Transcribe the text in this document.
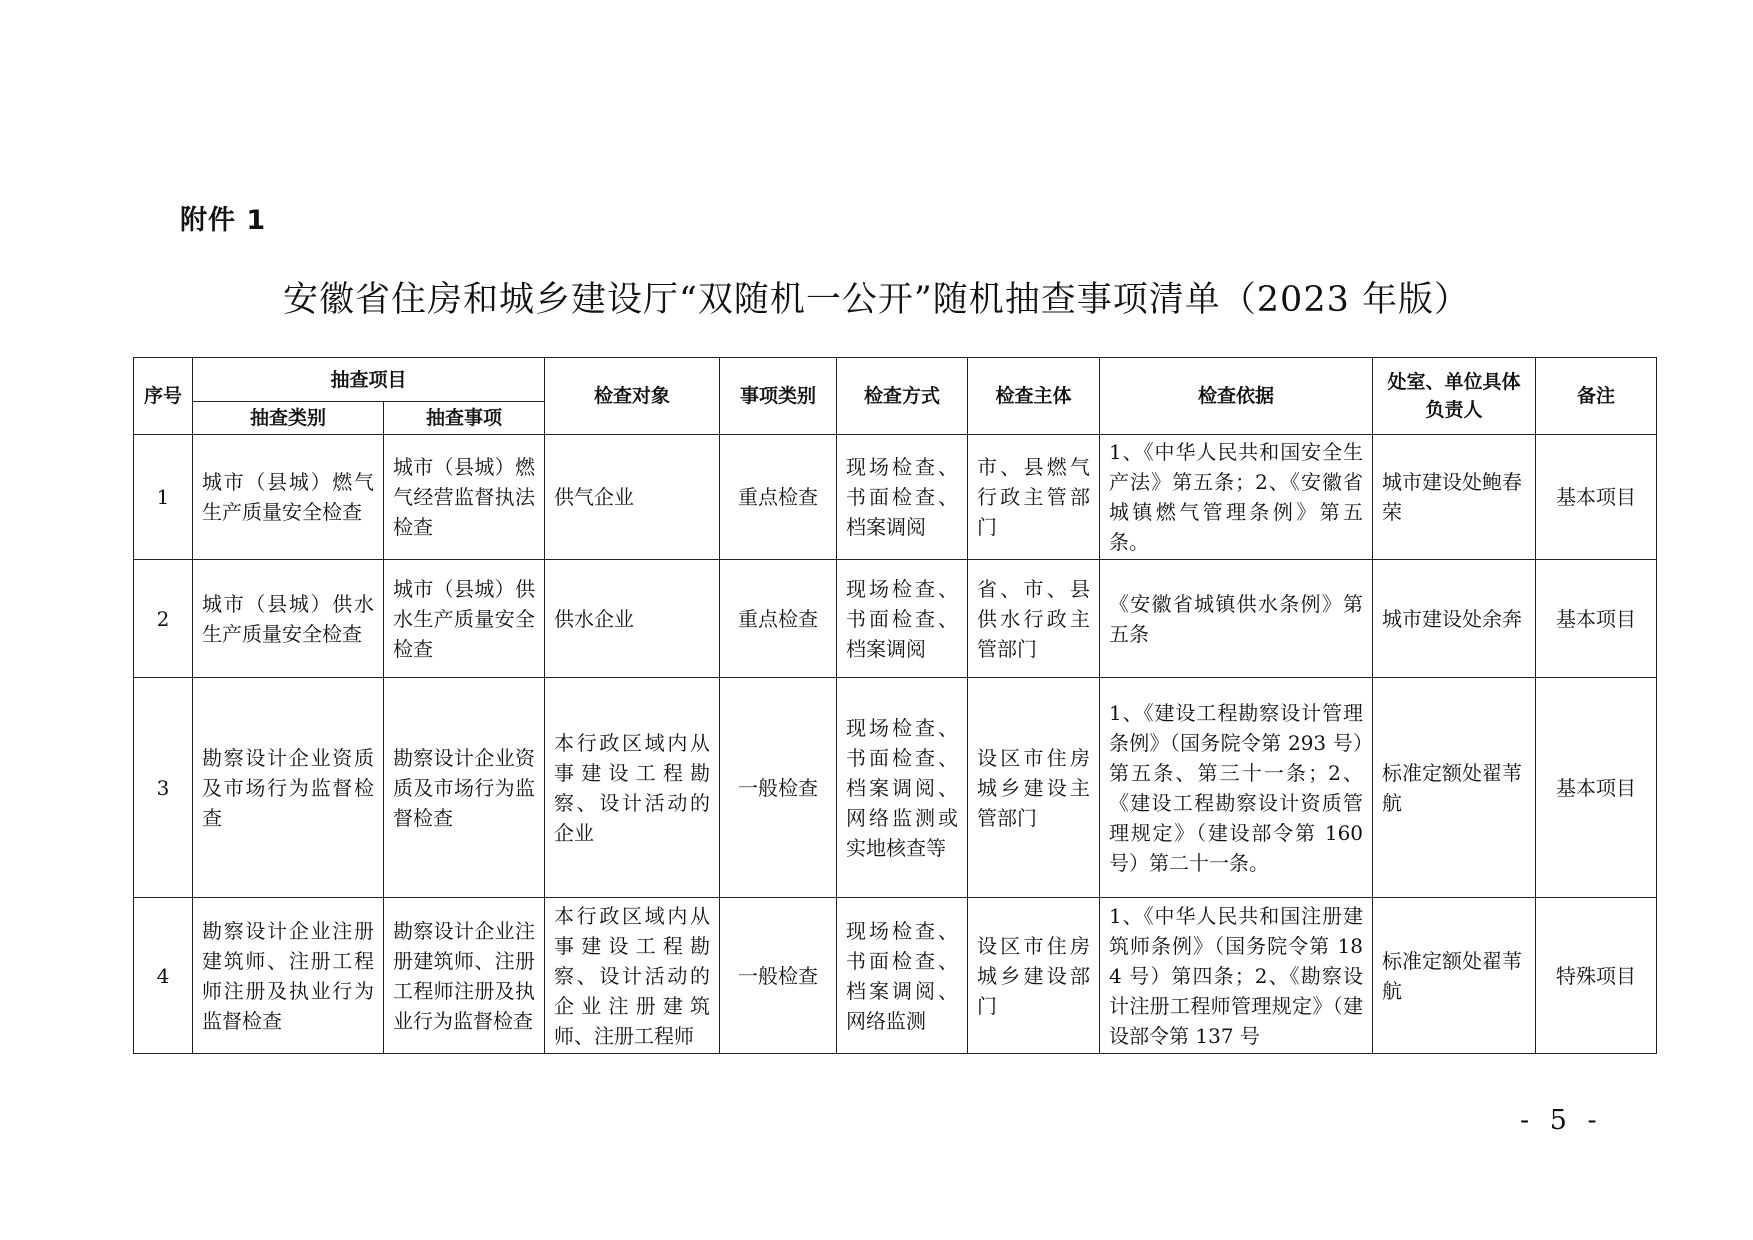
附件 1
安徽省住房和城乡建设厅“双随机一公开”随机抽查事项清单（2023 年版）
序号	抽查项目		检查对象	事项类别	检查方式	检查主体	检查依据	处室、单位具体负责人	备注
	抽查类别	抽查事项							
1	城市（县城）燃气生产质量安全检查	城市（县城）燃气经营监督执法检查	供气企业	重点检查	现场检查、书面检查、档案调阅	市、县燃气行政主管部门	1、《中华人民共和国安全生产法》第五条；2、《安徽省城镇燃气管理条例》第五条。	城市建设处鲍春荣	基本项目
2	城市（县城）供水生产质量安全检查	城市（县城）供水生产质量安全检查	供水企业	重点检查	现场检查、书面检查、档案调阅	省、市、县供水行政主管部门	《安徽省城镇供水条例》第五条	城市建设处余奔	基本项目
3	勘察设计企业资质及市场行为监督检查	勘察设计企业资质及市场行为监督检查	本行政区域内从事建设工程勘察、设计活动的企业	一般检查	现场检查、书面检查、档案调阅、网络监测或实地核查等	设区市住房城乡建设主管部门	1、《建设工程勘察设计管理条例》（国务院令第 293 号）第五条、第三十一条；2、《建设工程勘察设计资质管理规定》（建设部令第 160 号）第二十一条。	标准定额处翟苇航	基本项目
4	勘察设计企业注册建筑师、注册工程师注册及执业行为监督检查	勘察设计企业注册建筑师、注册工程师注册及执业行为监督检查	本行政区域内从事建设工程勘察、设计活动的企业注册建筑师、注册工程师	一般检查	现场检查、书面检查、档案调阅、网络监测	设区市住房城乡建设部门	1、《中华人民共和国注册建筑师条例》（国务院令第 184 号）第四条；2、《勘察设计注册工程师管理规定》（建设部令第 137 号	标准定额处翟苇航	特殊项目
- 5 -
